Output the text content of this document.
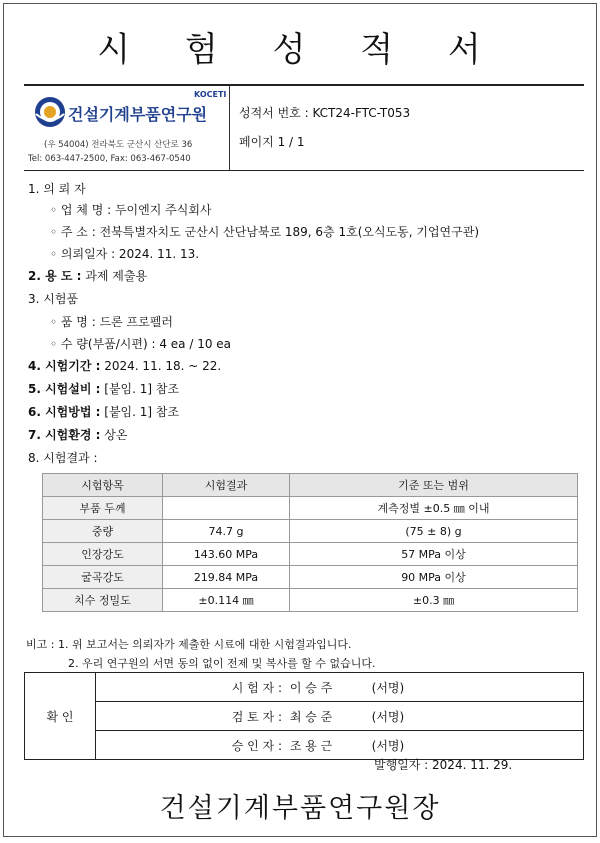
시 험 성 적 서
KOCETI
건설기계부품연구원
(우 54004) 전라북도 군산시 산단로 36
Tel: 063-447-2500, Fax: 063-467-0540
성적서 번호 : KCT24-FTC-T053
페이지 1 / 1
1. 의 뢰 자
◦ 업 체 명 : 두이엔지 주식회사
◦ 주 소 : 전북특별자치도 군산시 산단남북로 189, 6층 1호(오식도동, 기업연구관)
◦ 의뢰일자 : 2024. 11. 13.
2. 용 도 : 과제 제출용
3. 시험품
◦ 품 명 : 드론 프로펠러
◦ 수 량(부품/시편) : 4 ea / 10 ea
4. 시험기간 : 2024. 11. 18. ~ 22.
5. 시험설비 : [붙임. 1] 참조
6. 시험방법 : [붙임. 1] 참조
7. 시험환경 : 상온
8. 시험결과 :
시험항목	시험결과	기준 또는 범위
부품 두께		계측정별 ±0.5 ㎜ 이내
중량	74.7 g	(75 ± 8) g
인장강도	143.60 MPa	57 MPa 이상
굴곡강도	219.84 MPa	90 MPa 이상
치수 정밀도	±0.114 ㎜	±0.3 ㎜
비고 : 1. 위 보고서는 의뢰자가 제출한 시료에 대한 시험결과입니다.
2. 우리 연구원의 서면 동의 없이 전제 및 복사를 할 수 없습니다.
확 인	시 험 자 : 이 승 주	(서명)
검 토 자 : 최 승 준	(서명)
승 인 자 : 조 용 근	(서명)
발행일자 : 2024. 11. 29.
건설기계부품연구원장
